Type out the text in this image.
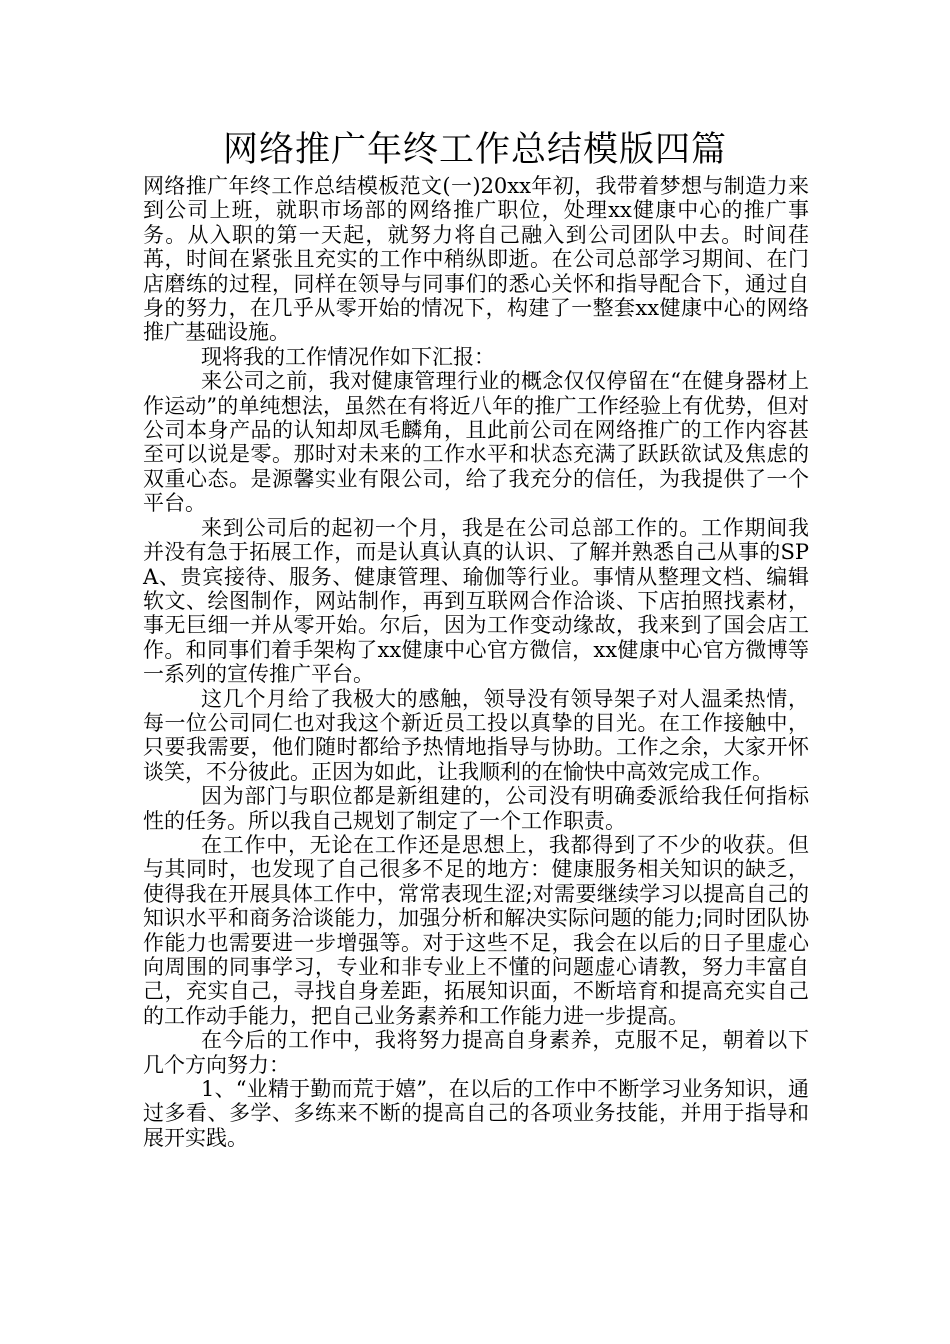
网络推广年终工作总结模版四篇

网络推广年终工作总结模板范文(一)20xx年初，我带着梦想与制造力来到公司上班，就职市场部的网络推广职位，处理xx健康中心的推广事务。从入职的第一天起，就努力将自己融入到公司团队中去。时间荏苒，时间在紧张且充实的工作中稍纵即逝。在公司总部学习期间、在门店磨练的过程，同样在领导与同事们的悉心关怀和指导配合下，通过自身的努力，在几乎从零开始的情况下，构建了一整套xx健康中心的网络推广基础设施。

现将我的工作情况作如下汇报：

来公司之前，我对健康管理行业的概念仅仅停留在“在健身器材上作运动”的单纯想法，虽然在有将近八年的推广工作经验上有优势，但对公司本身产品的认知却凤毛麟角，且此前公司在网络推广的工作内容甚至可以说是零。那时对未来的工作水平和状态充满了跃跃欲试及焦虑的双重心态。是源馨实业有限公司，给了我充分的信任，为我提供了一个平台。

来到公司后的起初一个月，我是在公司总部工作的。工作期间我并没有急于拓展工作，而是认真认真的认识、了解并熟悉自己从事的SPA、贵宾接待、服务、健康管理、瑜伽等行业。事情从整理文档、编辑软文、绘图制作，网站制作，再到互联网合作洽谈、下店拍照找素材，事无巨细一并从零开始。尔后，因为工作变动缘故，我来到了国会店工作。和同事们着手架构了xx健康中心官方微信，xx健康中心官方微博等一系列的宣传推广平台。

这几个月给了我极大的感触，领导没有领导架子对人温柔热情，每一位公司同仁也对我这个新近员工投以真挚的目光。在工作接触中，只要我需要，他们随时都给予热情地指导与协助。工作之余，大家开怀谈笑，不分彼此。正因为如此，让我顺利的在愉快中高效完成工作。

因为部门与职位都是新组建的，公司没有明确委派给我任何指标性的任务。所以我自己规划了制定了一个工作职责。

在工作中，无论在工作还是思想上，我都得到了不少的收获。但与其同时，也发现了自己很多不足的地方：健康服务相关知识的缺乏，使得我在开展具体工作中，常常表现生涩;对需要继续学习以提高自己的知识水平和商务洽谈能力，加强分析和解决实际问题的能力;同时团队协作能力也需要进一步增强等。对于这些不足，我会在以后的日子里虚心向周围的同事学习，专业和非专业上不懂的问题虚心请教，努力丰富自己，充实自己，寻找自身差距，拓展知识面，不断培育和提高充实自己的工作动手能力，把自己业务素养和工作能力进一步提高。

在今后的工作中，我将努力提高自身素养，克服不足，朝着以下几个方向努力：

1、“业精于勤而荒于嬉”，在以后的工作中不断学习业务知识，通过多看、多学、多练来不断的提高自己的各项业务技能，并用于指导和展开实践。
